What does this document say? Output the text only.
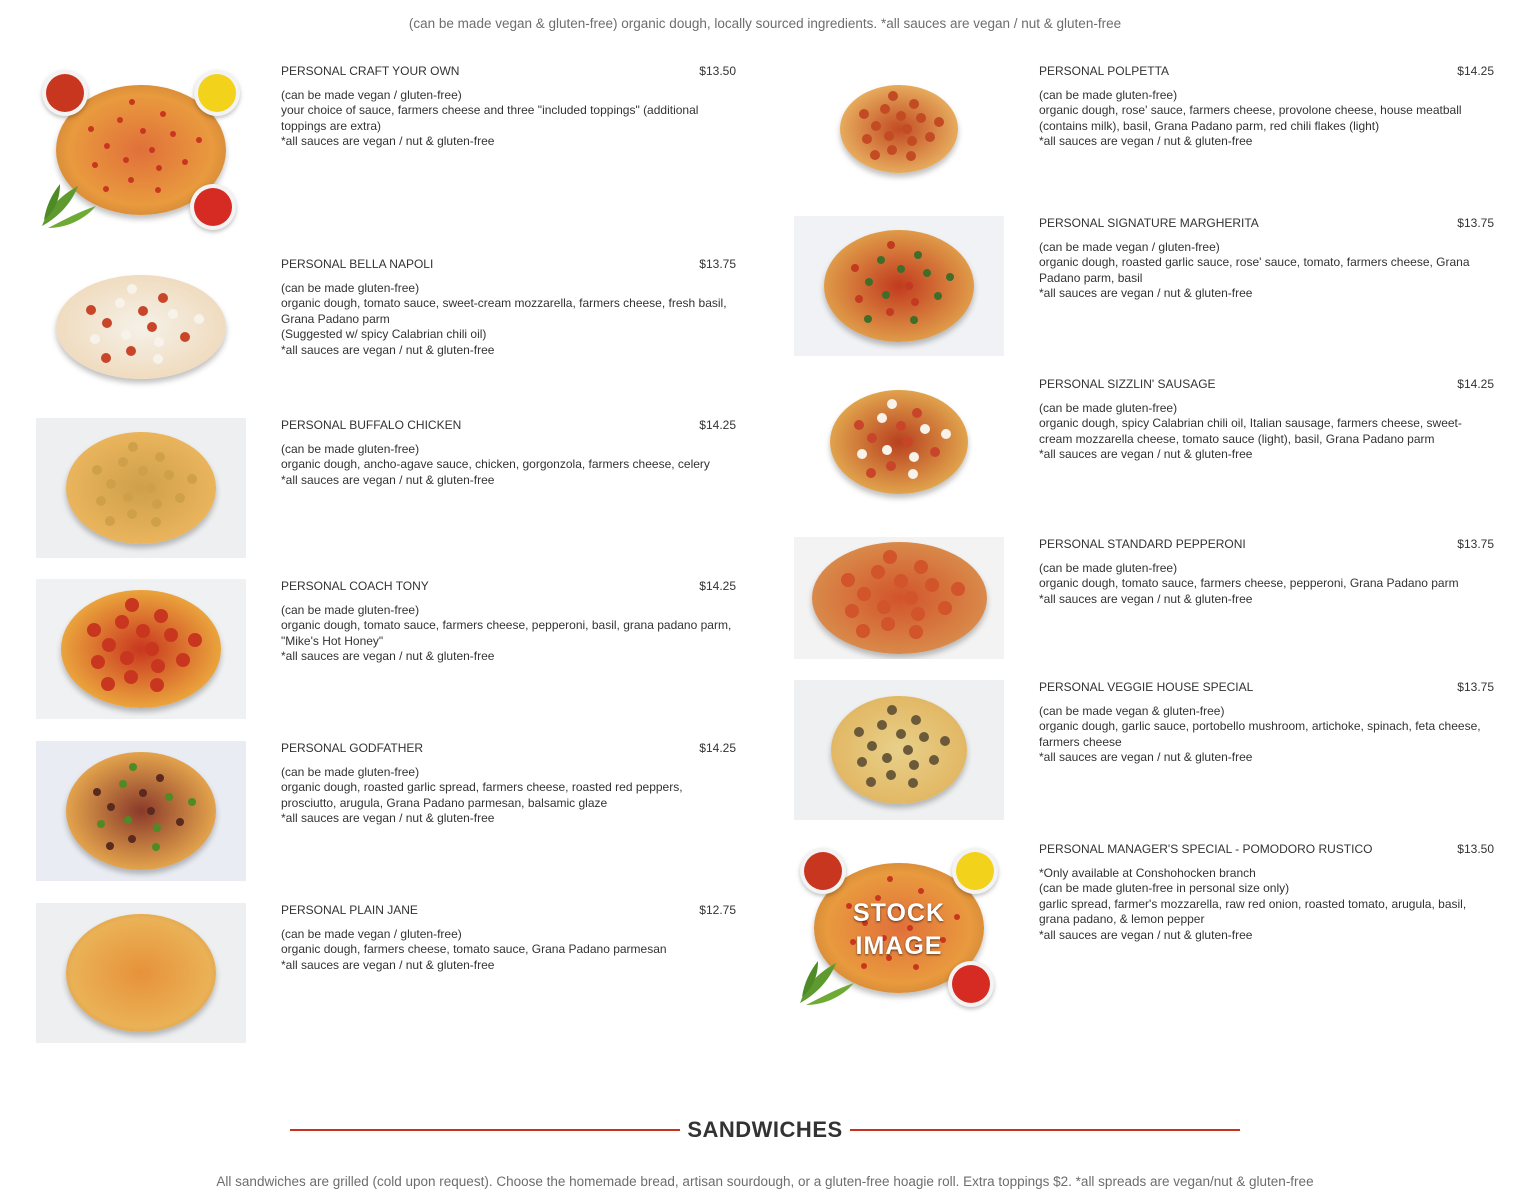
(can be made vegan & gluten-free) organic dough, locally sourced ingredients. *all sauces are vegan / nut & gluten-free
PERSONAL CRAFT YOUR OWN	$13.50
(can be made vegan / gluten-free)
your choice of sauce, farmers cheese and three "included toppings" (additional toppings are extra)
*all sauces are vegan / nut & gluten-free
PERSONAL POLPETTA	$14.25
(can be made gluten-free)
organic dough, rose' sauce, farmers cheese, provolone cheese, house meatball (contains milk), basil, Grana Padano parm, red chili flakes (light)
*all sauces are vegan / nut & gluten-free
PERSONAL SIGNATURE MARGHERITA	$13.75
(can be made vegan / gluten-free)
organic dough, roasted garlic sauce, rose' sauce, tomato, farmers cheese, Grana Padano parm, basil
*all sauces are vegan / nut & gluten-free
PERSONAL BELLA NAPOLI	$13.75
(can be made gluten-free)
organic dough, tomato sauce, sweet-cream mozzarella, farmers cheese, fresh basil, Grana Padano parm
(Suggested w/ spicy Calabrian chili oil)
*all sauces are vegan / nut & gluten-free
PERSONAL SIZZLIN' SAUSAGE	$14.25
(can be made gluten-free)
organic dough, spicy Calabrian chili oil, Italian sausage, farmers cheese, sweet-cream mozzarella cheese, tomato sauce (light), basil, Grana Padano parm
*all sauces are vegan / nut & gluten-free
PERSONAL BUFFALO CHICKEN	$14.25
(can be made gluten-free)
organic dough, ancho-agave sauce, chicken, gorgonzola, farmers cheese, celery
*all sauces are vegan / nut & gluten-free
PERSONAL STANDARD PEPPERONI	$13.75
(can be made gluten-free)
organic dough, tomato sauce, farmers cheese, pepperoni, Grana Padano parm
*all sauces are vegan / nut & gluten-free
PERSONAL COACH TONY	$14.25
(can be made gluten-free)
organic dough, tomato sauce, farmers cheese, pepperoni, basil, grana padano parm, "Mike's Hot Honey"
*all sauces are vegan / nut & gluten-free
PERSONAL VEGGIE HOUSE SPECIAL	$13.75
(can be made vegan & gluten-free)
organic dough, garlic sauce, portobello mushroom, artichoke, spinach, feta cheese, farmers cheese
*all sauces are vegan / nut & gluten-free
PERSONAL GODFATHER	$14.25
(can be made gluten-free)
organic dough, roasted garlic spread, farmers cheese, roasted red peppers, prosciutto, arugula, Grana Padano parmesan, balsamic glaze
*all sauces are vegan / nut & gluten-free
STOCK
IMAGE
PERSONAL MANAGER'S SPECIAL - POMODORO RUSTICO	$13.50
*Only available at Conshohocken branch
(can be made gluten-free in personal size only)
garlic spread, farmer's mozzarella, raw red onion, roasted tomato, arugula, basil, grana padano, & lemon pepper
*all sauces are vegan / nut & gluten-free
PERSONAL PLAIN JANE	$12.75
(can be made vegan / gluten-free)
organic dough, farmers cheese, tomato sauce, Grana Padano parmesan
*all sauces are vegan / nut & gluten-free
SANDWICHES
All sandwiches are grilled (cold upon request). Choose the homemade bread, artisan sourdough, or a gluten-free hoagie roll. Extra toppings $2. *all spreads are vegan/nut & gluten-free
